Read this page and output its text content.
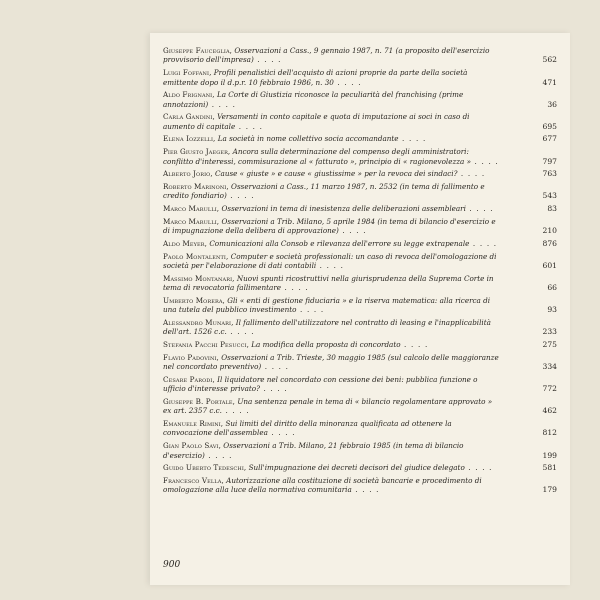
Giuseppe Fauceglia, Osservazioni a Cass., 9 gennaio 1987, n. 71 (a proposito dell'esercizio provvisorio dell'impresa) . . . .	562
Luigi Foffani, Profili penalistici dell'acquisto di azioni proprie da parte della società emittente dopo il d.p.r. 10 febbraio 1986, n. 30 . . . .	471
Aldo Frignani, La Corte di Giustizia riconosce la peculiarità del franchising (prime annotazioni) . . . .	36
Carla Gandini, Versamenti in conto capitale e quota di imputazione ai soci in caso di aumento di capitale . . . .	695
Elena Iozzelli, La società in nome collettivo socia accomandante . . . .	677
Pier Giusto Jaeger, Ancora sulla determinazione del compenso degli amministratori: conflitto d'interessi, commisurazione al « fatturato », principio di « ragionevolezza » . . . .	797
Alberto Jorio, Cause « giuste » e cause « giustissime » per la revoca dei sindaci? . . . .	763
Roberto Marinoni, Osservazioni a Cass., 11 marzo 1987, n. 2532 (in tema di fallimento e credito fondiario) . . . .	543
Marco Marulli, Osservazioni in tema di inesistenza delle deliberazioni assembleari . . . .	83
Marco Marulli, Osservazioni a Trib. Milano, 5 aprile 1984 (in tema di bilancio d'esercizio e di impugnazione della delibera di approvazione) . . . .	210
Aldo Meyer, Comunicazioni alla Consob e rilevanza dell'errore su legge extrapenale . . . .	876
Paolo Montalenti, Computer e società professionali: un caso di revoca dell'omologazione di società per l'elaborazione di dati contabili . . . .	601
Massimo Montanari, Nuovi spunti ricostruttivi nella giurisprudenza della Suprema Corte in tema di revocatoria fallimentare . . . .	66
Umberto Morera, Gli « enti di gestione fiduciaria » e la riserva matematica: alla ricerca di una tutela del pubblico investimento . . . .	93
Alessandro Munari, Il fallimento dell'utilizzatore nel contratto di leasing e l'inapplicabilità dell'art. 1526 c.c. . . . .	233
Stefania Pacchi Pesucci, La modifica della proposta di concordato . . . .	275
Flavio Padovini, Osservazioni a Trib. Trieste, 30 maggio 1985 (sul calcolo delle maggioranze nel concordato preventivo) . . . .	334
Cesare Parodi, Il liquidatore nel concordato con cessione dei beni: pubblica funzione o ufficio d'interesse privato? . . . .	772
Giuseppe B. Portale, Una sentenza penale in tema di « bilancio regolamentare approvato » ex art. 2357 c.c. . . . .	462
Emanuele Rimini, Sui limiti del diritto della minoranza qualificata ad ottenere la convocazione dell'assemblea . . . .	812
Gian Paolo Savi, Osservazioni a Trib. Milano, 21 febbraio 1985 (in tema di bilancio d'esercizio) . . . .	199
Guido Uberto Tedeschi, Sull'impugnazione dei decreti decisori del giudice delegato . . . .	581
Francesco Vella, Autorizzazione alla costituzione di società bancarie e procedimento di omologazione alla luce della normativa comunitaria . . . .	179
900
